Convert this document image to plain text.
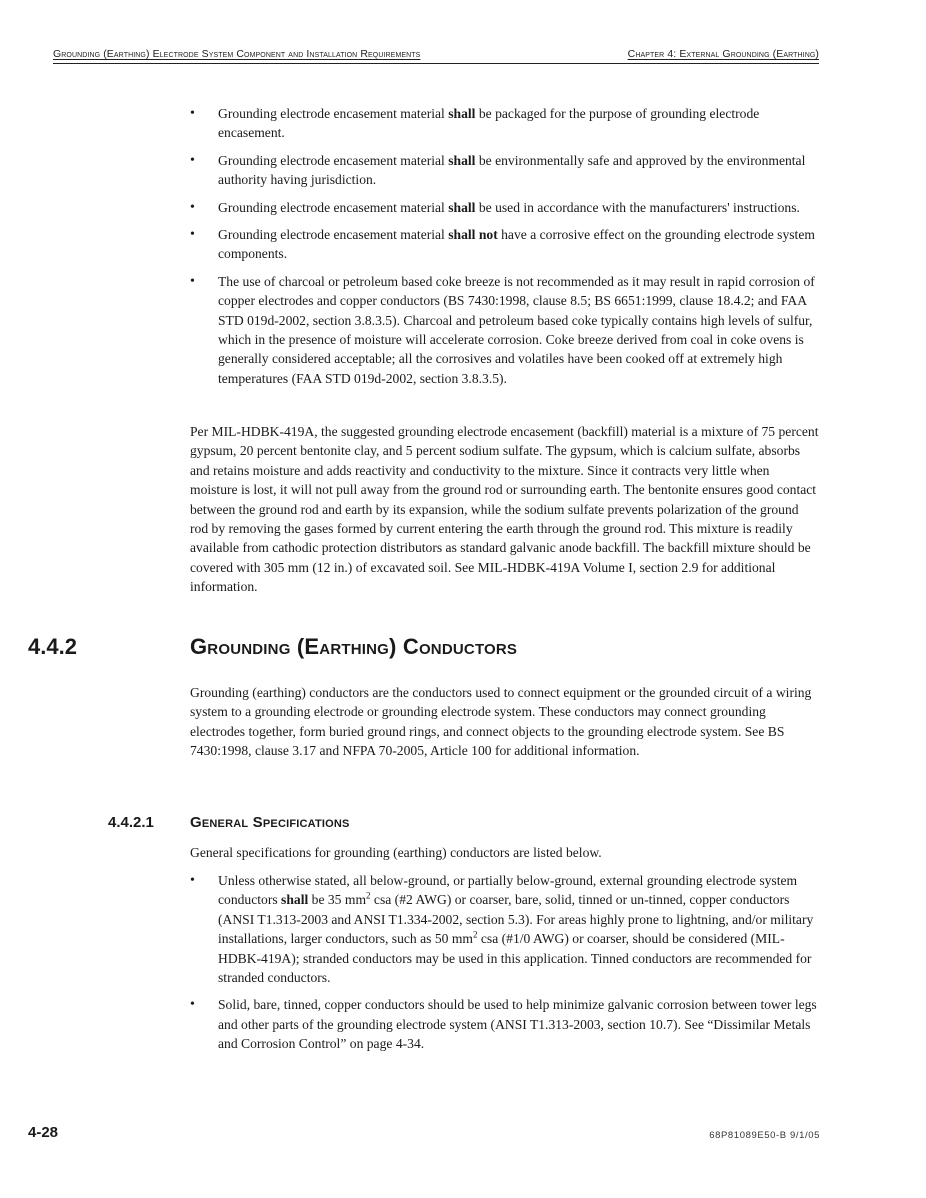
Grounding (Earthing) Electrode System Component and Installation Requirements	Chapter 4: External Grounding (Earthing)
• Grounding electrode encasement material shall be packaged for the purpose of grounding electrode encasement.
• Grounding electrode encasement material shall be environmentally safe and approved by the environmental authority having jurisdiction.
• Grounding electrode encasement material shall be used in accordance with the manufacturers' instructions.
• Grounding electrode encasement material shall not have a corrosive effect on the grounding electrode system components.
• The use of charcoal or petroleum based coke breeze is not recommended as it may result in rapid corrosion of copper electrodes and copper conductors (BS 7430:1998, clause 8.5; BS 6651:1999, clause 18.4.2; and FAA STD 019d-2002, section 3.8.3.5). Charcoal and petroleum based coke typically contains high levels of sulfur, which in the presence of moisture will accelerate corrosion. Coke breeze derived from coal in coke ovens is generally considered acceptable; all the corrosives and volatiles have been cooked off at extremely high temperatures (FAA STD 019d-2002, section 3.8.3.5).

Per MIL-HDBK-419A, the suggested grounding electrode encasement (backfill) material is a mixture of 75 percent gypsum, 20 percent bentonite clay, and 5 percent sodium sulfate. The gypsum, which is calcium sulfate, absorbs and retains moisture and adds reactivity and conductivity to the mixture. Since it contracts very little when moisture is lost, it will not pull away from the ground rod or surrounding earth. The bentonite ensures good contact between the ground rod and earth by its expansion, while the sodium sulfate prevents polarization of the ground rod by removing the gases formed by current entering the earth through the ground rod. This mixture is readily available from cathodic protection distributors as standard galvanic anode backfill. The backfill mixture should be covered with 305 mm (12 in.) of excavated soil. See MIL-HDBK-419A Volume I, section 2.9 for additional information.

4.4.2	Grounding (Earthing) Conductors

Grounding (earthing) conductors are the conductors used to connect equipment or the grounded circuit of a wiring system to a grounding electrode or grounding electrode system. These conductors may connect grounding electrodes together, form buried ground rings, and connect objects to the grounding electrode system. See BS 7430:1998, clause 3.17 and NFPA 70-2005, Article 100 for additional information.

4.4.2.1	General Specifications

General specifications for grounding (earthing) conductors are listed below.

• Unless otherwise stated, all below-ground, or partially below-ground, external grounding electrode system conductors shall be 35 $mm^2$ csa (#2 AWG) or coarser, bare, solid, tinned or un-tinned, copper conductors (ANSI T1.313-2003 and ANSI T1.334-2002, section 5.3). For areas highly prone to lightning, and/or military installations, larger conductors, such as 50 $mm^2$ csa (#1/0 AWG) or coarser, should be considered (MIL-HDBK-419A); stranded conductors may be used in this application. Tinned conductors are recommended for stranded conductors.
• Solid, bare, tinned, copper conductors should be used to help minimize galvanic corrosion between tower legs and other parts of the grounding electrode system (ANSI T1.313-2003, section 10.7). See “Dissimilar Metals and Corrosion Control” on page 4-34.
4-28	68P81089E50-B 9/1/05
